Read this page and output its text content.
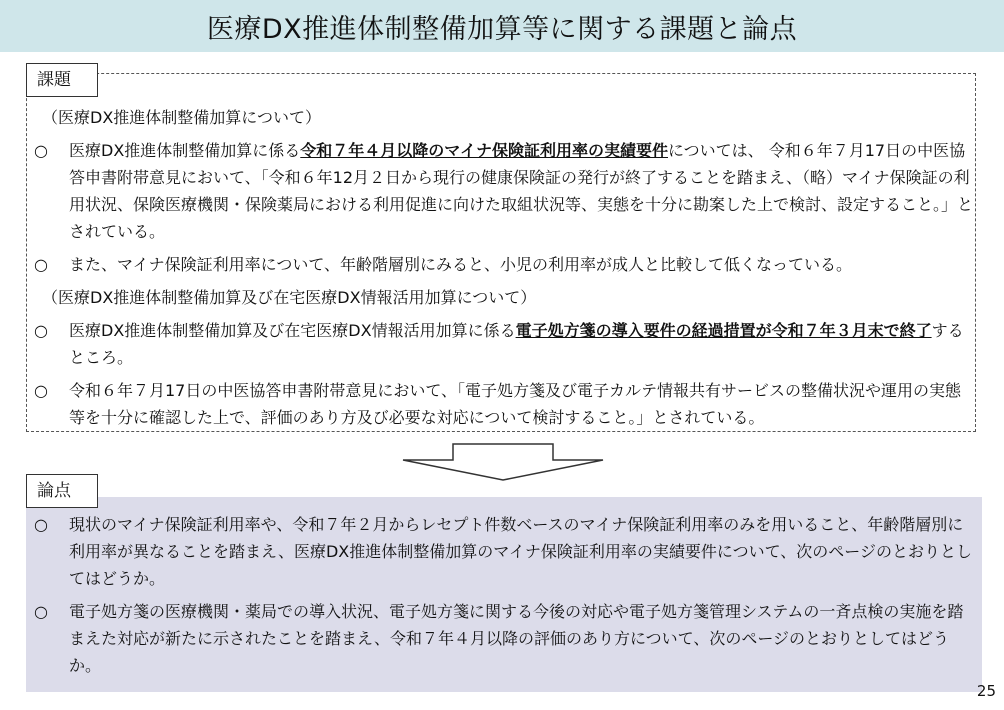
医療DX推進体制整備加算等に関する課題と論点
課題
（医療DX推進体制整備加算について）
○	医療DX推進体制整備加算に係る令和７年４月以降のマイナ保険証利用率の実績要件については、 令和６年７月17日の中医協答申書附帯意見において、「令和６年12月２日から現行の健康保険証の発行が終了することを踏まえ、（略）マイナ保険証の利用状況、保険医療機関・保険薬局における利用促進に向けた取組状況等、実態を十分に勘案した上で検討、設定すること。」とされている。
○	また、マイナ保険証利用率について、年齢階層別にみると、小児の利用率が成人と比較して低くなっている。
（医療DX推進体制整備加算及び在宅医療DX情報活用加算について）
○	医療DX推進体制整備加算及び在宅医療DX情報活用加算に係る電子処方箋の導入要件の経過措置が令和７年３月末で終了するところ。
○	令和６年７月17日の中医協答申書附帯意見において、「電子処方箋及び電子カルテ情報共有サービスの整備状況や運用の実態等を十分に確認した上で、評価のあり方及び必要な対応について検討すること。」とされている。
論点
○	現状のマイナ保険証利用率や、令和７年２月からレセプト件数ベースのマイナ保険証利用率のみを用いること、年齢階層別に利用率が異なることを踏まえ、医療DX推進体制整備加算のマイナ保険証利用率の実績要件について、次のページのとおりとしてはどうか。
○	電子処方箋の医療機関・薬局での導入状況、電子処方箋に関する今後の対応や電子処方箋管理システムの一斉点検の実施を踏まえた対応が新たに示されたことを踏まえ、令和７年４月以降の評価のあり方について、次のページのとおりとしてはどうか。
25
